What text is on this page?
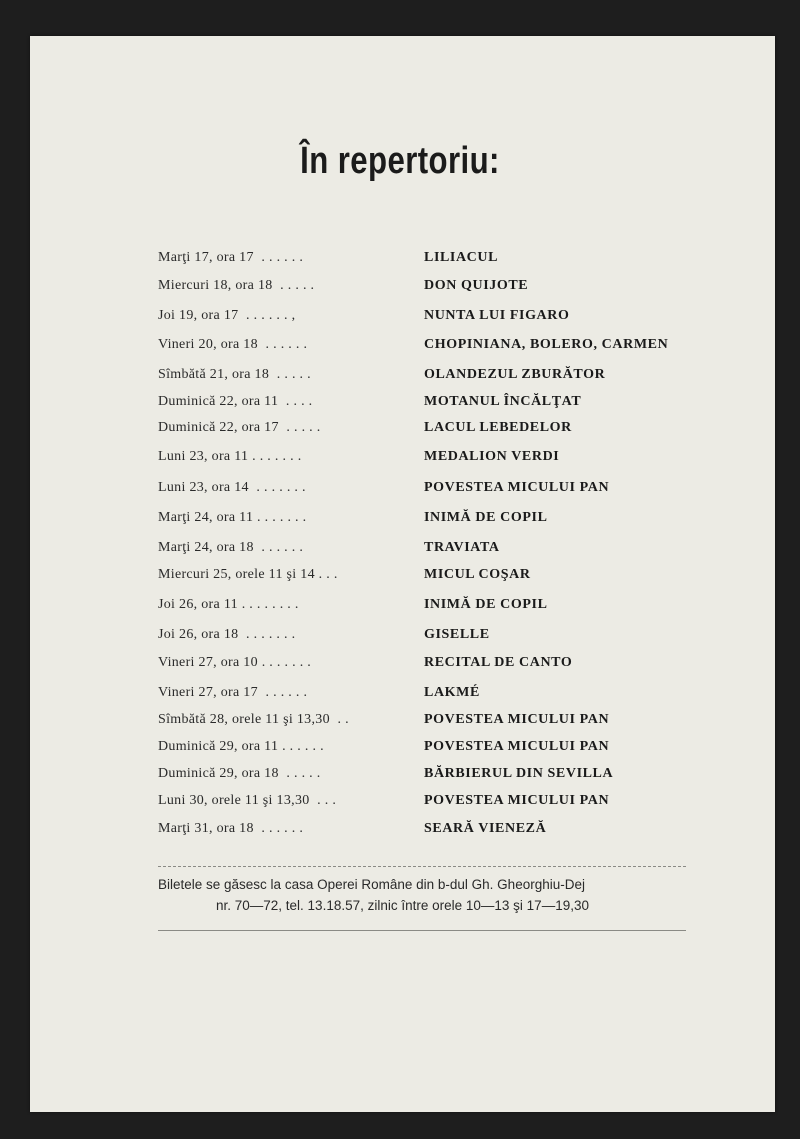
În repertoriu:
Marţi 17, ora 17  . . . . . .	LILIACUL
Miercuri 18, ora 18  . . . . .	DON QUIJOTE
Joi 19, ora 17  . . . . . . ,	NUNTA LUI FIGARO
Vineri 20, ora 18  . . . . . .	CHOPINIANA, BOLERO, CARMEN
Sîmbătă 21, ora 18  . . . . .	OLANDEZUL ZBURĂTOR
Duminică 22, ora 11  . . . .	MOTANUL ÎNCĂLŢAT
Duminică 22, ora 17  . . . . .	LACUL LEBEDELOR
Luni 23, ora 11 . . . . . . .	MEDALION VERDI
Luni 23, ora 14  . . . . . . .	POVESTEA MICULUI PAN
Marţi 24, ora 11 . . . . . . .	INIMĂ DE COPIL
Marţi 24, ora 18  . . . . . .	TRAVIATA
Miercuri 25, orele 11 şi 14 . . .	MICUL COŞAR
Joi 26, ora 11 . . . . . . . .	INIMĂ DE COPIL
Joi 26, ora 18  . . . . . . .	GISELLE
Vineri 27, ora 10 . . . . . . .	RECITAL DE CANTO
Vineri 27, ora 17  . . . . . .	LAKMÉ
Sîmbătă 28, orele 11 şi 13,30  . .	POVESTEA MICULUI PAN
Duminică 29, ora 11 . . . . . .	POVESTEA MICULUI PAN
Duminică 29, ora 18  . . . . .	BĂRBIERUL DIN SEVILLA
Luni 30, orele 11 şi 13,30  . . .	POVESTEA MICULUI PAN
Marţi 31, ora 18  . . . . . .	SEARĂ VIENEZĂ
Biletele se găsesc la casa Operei Române din b-dul Gh. Gheorghiu-Dej
nr. 70—72, tel. 13.18.57, zilnic între orele 10—13 şi 17—19,30
